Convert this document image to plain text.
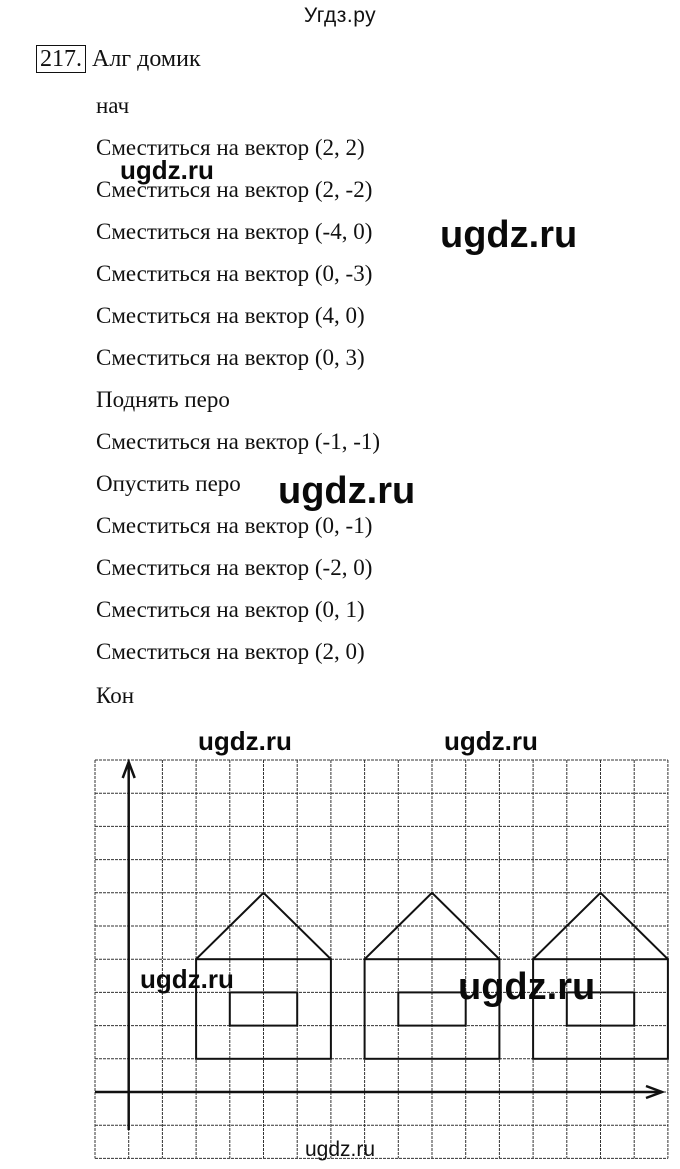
Угдз.ру
217. Алг домик
нач
Сместиться на вектор (2, 2)
Сместиться на вектор (2, -2)
Сместиться на вектор (-4, 0)
Сместиться на вектор (0, -3)
Сместиться на вектор (4, 0)
Сместиться на вектор (0, 3)
Поднять перо
Сместиться на вектор (-1, -1)
Опустить перо
Сместиться на вектор (0, -1)
Сместиться на вектор (-2, 0)
Сместиться на вектор (0, 1)
Сместиться на вектор (2, 0)
Кон
ugdz.ru
ugdz.ru
ugdz.ru
ugdz.ru	ugdz.ru
ugdz.ru	ugdz.ru
ugdz.ru
